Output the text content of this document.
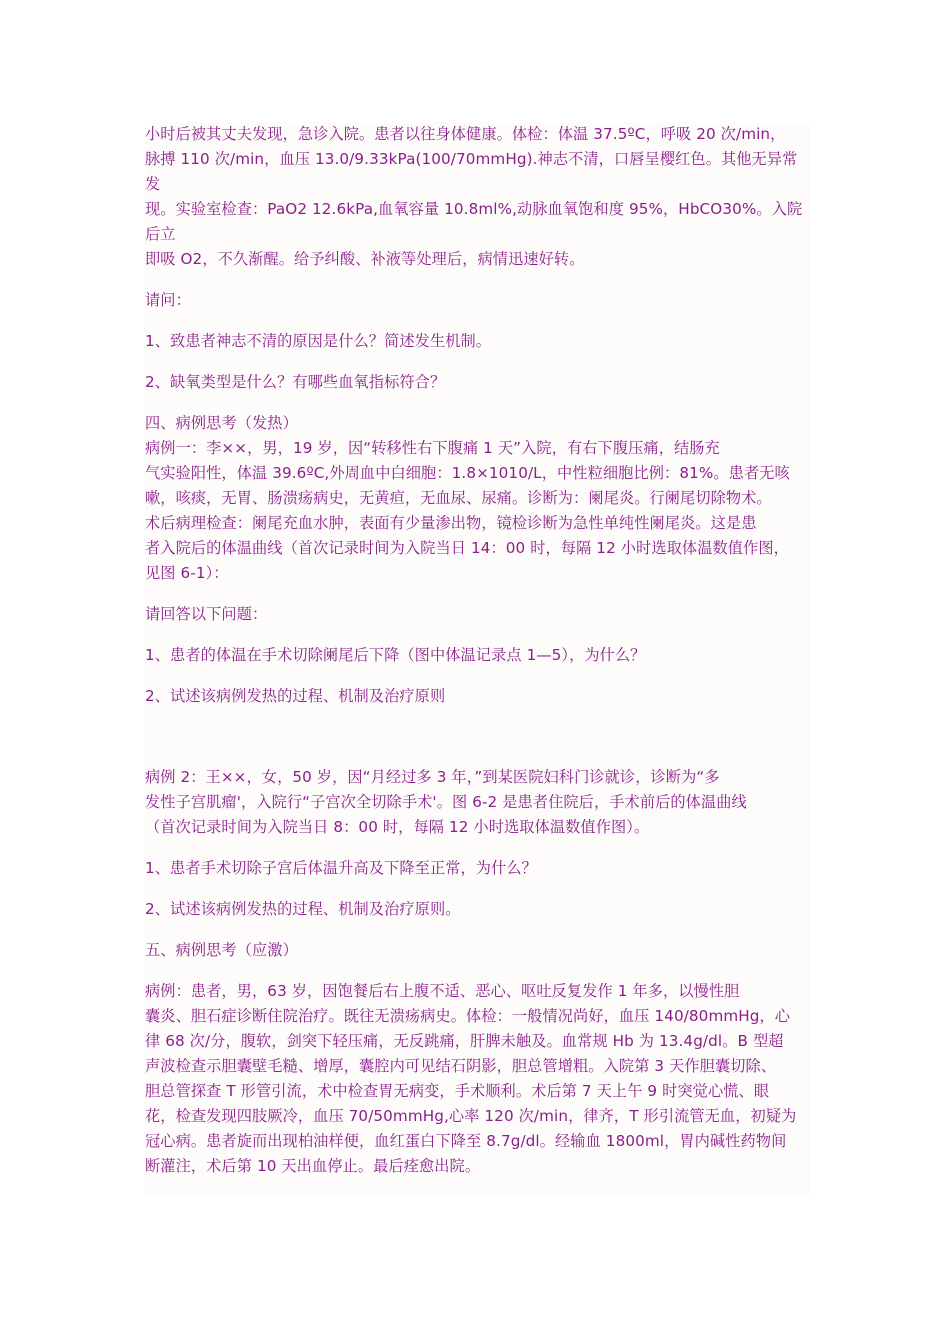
小时后被其丈夫发现，急诊入院。患者以往身体健康。体检：体温 37.5ºC，呼吸 20 次/min，
脉搏 110 次/min，血压 13.0/9.33kPa(100/70mmHg).神志不清，口唇呈樱红色。其他无异常
发
现。实验室检查：PaO2 12.6kPa,血氧容量 10.8ml%,动脉血氧饱和度 95%，HbCO30%。入院
后立
即吸 O2，不久渐醒。给予纠酸、补液等处理后，病情迅速好转。
请问：
1、致患者神志不清的原因是什么？简述发生机制。
2、缺氧类型是什么？有哪些血氧指标符合？
四、病例思考（发热）
病例一：李××，男，19 岁，因“转移性右下腹痛 1 天”入院，有右下腹压痛，结肠充
气实验阳性，体温 39.6ºC,外周血中白细胞：1.8×1010/L，中性粒细胞比例：81%。患者无咳
嗽，咳痰，无胃、肠溃疡病史，无黄疸，无血尿、尿痛。诊断为：阑尾炎。行阑尾切除物术。
术后病理检查：阑尾充血水肿，表面有少量渗出物，镜检诊断为急性单纯性阑尾炎。这是患
者入院后的体温曲线（首次记录时间为入院当日 14：00 时，每隔 12 小时选取体温数值作图，
见图 6-1）：
请回答以下问题：
1、患者的体温在手术切除阑尾后下降（图中体温记录点 1—5），为什么？
2、试述该病例发热的过程、机制及治疗原则
病例 2：王××，女，50 岁，因“月经过多 3 年，”到某医院妇科门诊就诊，诊断为“多
发性子宫肌瘤'，入院行“子宫次全切除手术'。图 6-2 是患者住院后，手术前后的体温曲线
（首次记录时间为入院当日 8：00 时，每隔 12 小时选取体温数值作图）。
1、患者手术切除子宫后体温升高及下降至正常，为什么？
2、试述该病例发热的过程、机制及治疗原则。
五、病例思考（应激）
病例：患者，男，63 岁，因饱餐后右上腹不适、恶心、呕吐反复发作 1 年多，以慢性胆
囊炎、胆石症诊断住院治疗。既往无溃疡病史。体检：一般情况尚好，血压 140/80mmHg，心
律 68 次/分，腹软，剑突下轻压痛，无反跳痛，肝脾未触及。血常规 Hb 为 13.4g/dl。B 型超
声波检查示胆囊壁毛糙、增厚，囊腔内可见结石阴影，胆总管增粗。入院第 3 天作胆囊切除、
胆总管探查 T 形管引流，术中检查胃无病变，手术顺利。术后第 7 天上午 9 时突觉心慌、眼
花，检查发现四肢厥冷，血压 70/50mmHg,心率 120 次/min，律齐，T 形引流管无血，初疑为
冠心病。患者旋而出现柏油样便，血红蛋白下降至 8.7g/dl。经输血 1800ml，胃内碱性药物间
断灌注，术后第 10 天出血停止。最后痊愈出院。
